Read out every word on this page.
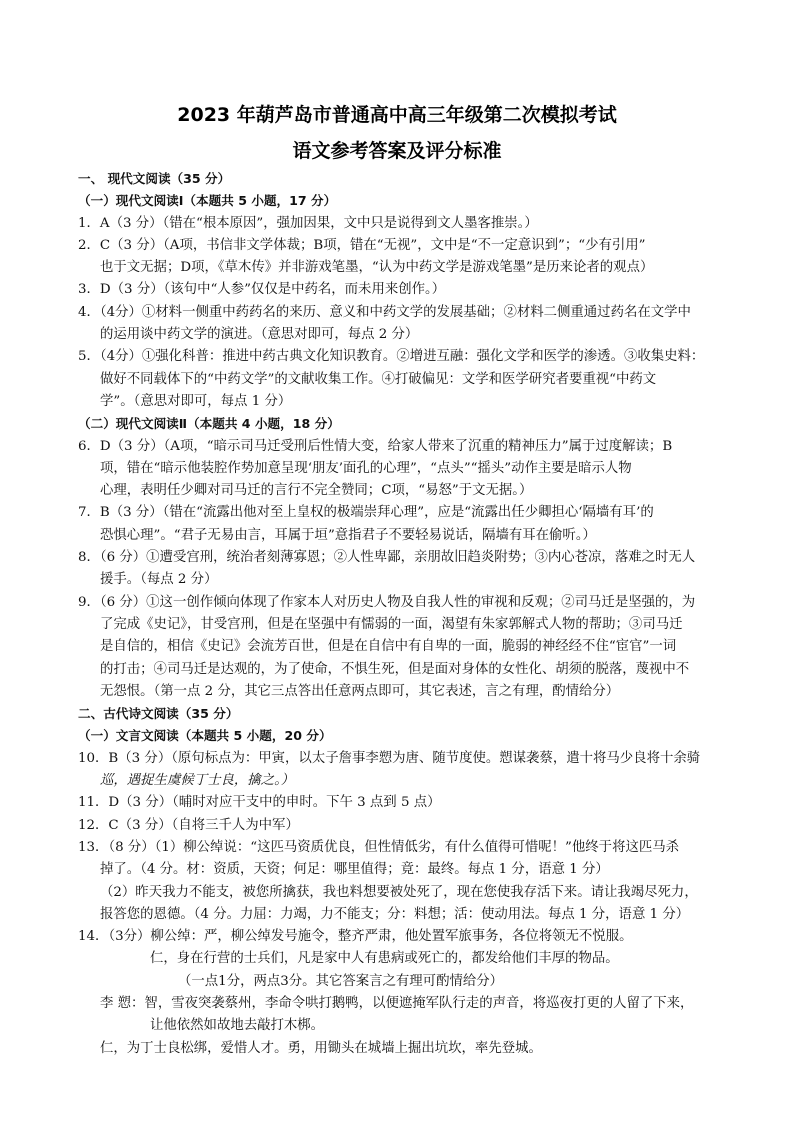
2023 年葫芦岛市普通高中高三年级第二次模拟考试
语文参考答案及评分标准
一、 现代文阅读（35 分）
（一）现代文阅读Ⅰ（本题共 5 小题，17 分）
1．A（3 分）（错在“根本原因”，强加因果，文中只是说得到文人墨客推崇。）
2．C（3 分）（A项，书信非文学体裁；B项，错在“无视”，文中是“不一定意识到”；“少有引用”
也于文无据；D项，《草木传》并非游戏笔墨，“认为中药文学是游戏笔墨”是历来论者的观点）
3．D（3 分）（该句中“人参”仅仅是中药名，而未用来创作。）
4．（4分）①材料一侧重中药药名的来历、意义和中药文学的发展基础；②材料二侧重通过药名在文学中
的运用谈中药文学的演进。（意思对即可，每点 2 分）
5．（4分）①强化科普：推进中药古典文化知识教育。②增进互融：强化文学和医学的渗透。③收集史料：
做好不同载体下的“中药文学”的文献收集工作。④打破偏见：文学和医学研究者要重视“中药文
学”。（意思对即可，每点 1 分）
（二）现代文阅读Ⅱ（本题共 4 小题，18 分）
6．D（3 分）（A项，“暗示司马迁受刑后性情大变，给家人带来了沉重的精神压力”属于过度解读；B
项，错在“暗示他装腔作势加意呈现‘朋友’面孔的心理”，“点头”“摇头”动作主要是暗示人物
心理，表明任少卿对司马迁的言行不完全赞同；C项，“易怒”于文无据。）
7．B（3 分）（错在“流露出他对至上皇权的极端崇拜心理”，应是“流露出任少卿担心‘隔墙有耳’的
恐惧心理”。“君子无易由言，耳属于垣”意指君子不要轻易说话，隔墙有耳在偷听。）
8．（6 分）①遭受宫刑，统治者刻薄寡恩；②人性卑鄙，亲朋故旧趋炎附势；③内心苍凉，落难之时无人
援手。（每点 2 分）
9．（6 分）①这一创作倾向体现了作家本人对历史人物及自我人性的审视和反观；②司马迁是坚强的，为
了完成《史记》，甘受宫刑，但是在坚强中有懦弱的一面，渴望有朱家郭解式人物的帮助；③司马迁
是自信的，相信《史记》会流芳百世，但是在自信中有自卑的一面，脆弱的神经经不住“宦官”一词
的打击；④司马迁是达观的，为了使命，不惧生死，但是面对身体的女性化、胡须的脱落，蔑视中不
无怨恨。（第一点 2 分，其它三点答出任意两点即可，其它表述，言之有理，酌情给分）
二、古代诗文阅读（35 分）
（一）文言文阅读（本题共 5 小题，20 分）
10．B（3 分）（原句标点为：甲寅，以太子詹事李愬为唐、随节度使。愬谋袭蔡，遣十将马少良将十余骑
巡，遇捉生虞候丁士良，擒之。）
11．D（3 分）（晡时对应干支中的申时。下午 3 点到 5 点）
12．C（3 分）（自将三千人为中军）
13．（8 分）（1）柳公绰说：“这匹马资质优良，但性情低劣，有什么值得可惜呢！”他终于将这匹马杀
掉了。（4 分。材：资质，天资；何足：哪里值得；竟：最终。每点 1 分，语意 1 分）
（2）昨天我力不能支，被您所擒获，我也料想要被处死了，现在您使我存活下来。请让我竭尽死力，
报答您的恩德。（4 分。力屈：力竭，力不能支；分：料想；活：使动用法。每点 1 分，语意 1 分）
14．（3分）柳公绰：严，柳公绰发号施令，整齐严肃，他处置军旅事务，各位将领无不悦服。
仁，身在行营的士兵们，凡是家中人有患病或死亡的，都发给他们丰厚的物品。
（一点1分，两点3分。其它答案言之有理可酌情给分）
李 愬：智，雪夜突袭蔡州，李命令哄打鹅鸭，以便遮掩军队行走的声音，将巡夜打更的人留了下来，
让他依然如故地去敲打木梆。
仁，为丁士良松绑，爱惜人才。勇，用锄头在城墙上掘出坑坎，率先登城。
